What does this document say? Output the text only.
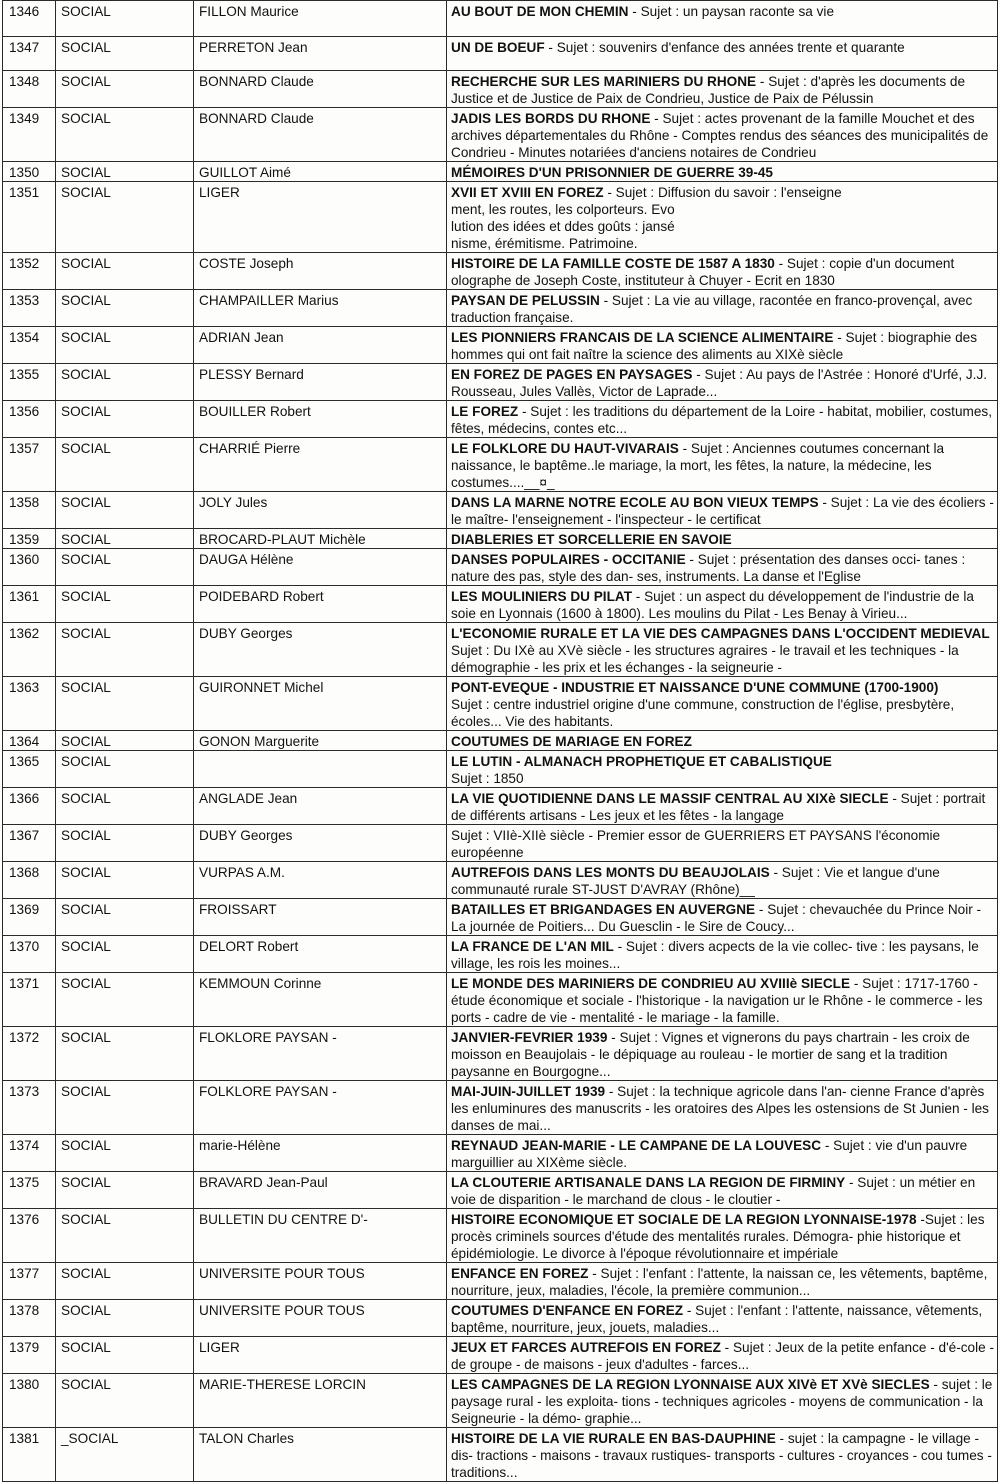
1346	SOCIAL	FILLON Maurice	AU BOUT DE MON CHEMIN - Sujet : un paysan raconte sa vie
1347	SOCIAL	PERRETON Jean	UN DE BOEUF - Sujet : souvenirs d'enfance des années trente et quarante
1348	SOCIAL	BONNARD Claude	RECHERCHE SUR LES MARINIERS DU RHONE - Sujet : d'après les documents de Justice et de Justice de Paix de Condrieu, Justice de Paix de Pélussin
1349	SOCIAL	BONNARD Claude	JADIS LES BORDS DU RHONE - Sujet : actes provenant de la famille Mouchet et des archives départementales du Rhône - Comptes rendus des séances des municipalités de Condrieu - Minutes notariées d'anciens notaires de Condrieu
1350	SOCIAL	GUILLOT Aimé	MÉMOIRES D'UN PRISONNIER DE GUERRE 39-45
1351	SOCIAL	LIGER	XVII ET XVIII EN FOREZ - Sujet : Diffusion du savoir : l'enseigne
ment, les routes, les colporteurs. Evo
lution des idées et ddes goûts : jansé
nisme, érémitisme. Patrimoine.
1352	SOCIAL	COSTE Joseph	HISTOIRE DE LA FAMILLE COSTE DE 1587 A 1830 - Sujet : copie d'un document olographe de Joseph Coste, instituteur à Chuyer - Ecrit en 1830
1353	SOCIAL	CHAMPAILLER Marius	PAYSAN DE PELUSSIN - Sujet : La vie au village, racontée en franco-provençal, avec traduction française.
1354	SOCIAL	ADRIAN Jean	LES PIONNIERS FRANCAIS DE LA SCIENCE ALIMENTAIRE - Sujet : biographie des hommes qui ont fait naître la science des aliments au XIXè siècle
1355	SOCIAL	PLESSY Bernard	EN FOREZ DE PAGES EN PAYSAGES - Sujet : Au pays de l'Astrée : Honoré d'Urfé, J.J. Rousseau, Jules Vallès, Victor de Laprade...
1356	SOCIAL	BOUILLER Robert	LE FOREZ - Sujet : les traditions du département de la Loire - habitat, mobilier, costumes, fêtes, médecins, contes etc...
1357	SOCIAL	CHARRIÉ Pierre	LE FOLKLORE DU HAUT-VIVARAIS - Sujet : Anciennes coutumes concernant la naissance, le baptême..le mariage, la mort, les fêtes, la nature, la médecine, les costumes....__¤_
1358	SOCIAL	JOLY Jules	DANS LA MARNE NOTRE ECOLE AU BON VIEUX TEMPS - Sujet : La vie des écoliers - le maître- l'enseignement - l'inspecteur - le certificat
1359	SOCIAL	BROCARD-PLAUT Michèle	DIABLERIES ET SORCELLERIE EN SAVOIE
1360	SOCIAL	DAUGA Hélène	DANSES POPULAIRES - OCCITANIE - Sujet : présentation des danses occi- tanes : nature des pas, style des dan- ses, instruments. La danse et l'Eglise
1361	SOCIAL	POIDEBARD Robert	LES MOULINIERS DU PILAT - Sujet : un aspect du développement de l'industrie de la soie en Lyonnais (1600 à 1800). Les moulins du Pilat - Les Benay à Virieu...
1362	SOCIAL	DUBY Georges	L'ECONOMIE RURALE ET LA VIE DES CAMPAGNES DANS L'OCCIDENT MEDIEVAL Sujet : Du IXè au XVè siècle - les structures agraires - le travail et les techniques - la démographie - les prix et les échanges - la seigneurie -
1363	SOCIAL	GUIRONNET Michel	PONT-EVEQUE - INDUSTRIE ET NAISSANCE D'UNE COMMUNE (1700-1900)
Sujet : centre industriel origine d'une commune, construction de l'église, presbytère, écoles... Vie des habitants.
1364	SOCIAL	GONON Marguerite	COUTUMES DE MARIAGE EN FOREZ
1365	SOCIAL		LE LUTIN - ALMANACH PROPHETIQUE ET CABALISTIQUE
Sujet : 1850
1366	SOCIAL	ANGLADE Jean	LA VIE QUOTIDIENNE DANS LE MASSIF CENTRAL AU XIXè SIECLE - Sujet : portrait de différents artisans - Les jeux et les fêtes - la langage
1367	SOCIAL	DUBY Georges	Sujet : VIIè-XIIè siècle - Premier essor de GUERRIERS ET PAYSANS l'économie européenne
1368	SOCIAL	VURPAS A.M.	AUTREFOIS DANS LES MONTS DU BEAUJOLAIS - Sujet : Vie et langue d'une communauté rurale ST-JUST D'AVRAY (Rhône)__
1369	SOCIAL	FROISSART	BATAILLES ET BRIGANDAGES EN AUVERGNE - Sujet : chevauchée du Prince Noir - La journée de Poitiers... Du Guesclin - le Sire de Coucy...
1370	SOCIAL	DELORT Robert	LA FRANCE DE L'AN MIL - Sujet : divers acpects de la vie collec- tive : les paysans, le village, les rois les moines...
1371	SOCIAL	KEMMOUN Corinne	LE MONDE DES MARINIERS DE CONDRIEU AU XVIIIè SIECLE - Sujet : 1717-1760 - étude économique et sociale - l'historique - la navigation ur le Rhône - le commerce - les ports - cadre de vie - mentalité - le mariage - la famille.
1372	SOCIAL	FLOKLORE PAYSAN -	JANVIER-FEVRIER 1939 - Sujet : Vignes et vignerons du pays chartrain - les croix de moisson en Beaujolais - le dépiquage au rouleau - le mortier de sang et la tradition paysanne en Bourgogne...
1373	SOCIAL	FOLKLORE PAYSAN -	MAI-JUIN-JUILLET 1939 - Sujet : la technique agricole dans l'an- cienne France d'après les enluminures des manuscrits - les oratoires des Alpes les ostensions de St Junien - les danses de mai...
1374	SOCIAL	marie-Hélène	REYNAUD JEAN-MARIE - LE CAMPANE DE LA LOUVESC - Sujet : vie d'un pauvre marguillier au XIXème siècle.
1375	SOCIAL	BRAVARD Jean-Paul	LA CLOUTERIE ARTISANALE DANS LA REGION DE FIRMINY - Sujet : un métier en voie de disparition - le marchand de clous - le cloutier -
1376	SOCIAL	BULLETIN DU CENTRE D'-	HISTOIRE ECONOMIQUE ET SOCIALE DE LA REGION LYONNAISE-1978 -Sujet : les procès criminels sources d'étude des mentalités rurales. Démogra- phie historique et épidémiologie. Le divorce à l'époque révolutionnaire et impériale
1377	SOCIAL	UNIVERSITE POUR TOUS	ENFANCE EN FOREZ - Sujet : l'enfant : l'attente, la naissan ce, les vêtements, baptême, nourriture, jeux, maladies, l'école, la première communion...
1378	SOCIAL	UNIVERSITE POUR TOUS	COUTUMES D'ENFANCE EN FOREZ - Sujet : l'enfant : l'attente, naissance, vêtements, baptême, nourriture, jeux, jouets, maladies...
1379	SOCIAL	LIGER	JEUX ET FARCES AUTREFOIS EN FOREZ - Sujet : Jeux de la petite enfance - d'é-cole - de groupe - de maisons - jeux d'adultes - farces...
1380	SOCIAL	MARIE-THERESE LORCIN	LES CAMPAGNES DE LA REGION LYONNAISE AUX XIVè ET XVè SIECLES - sujet : le paysage rural - les exploita- tions - techniques agricoles - moyens de communication - la Seigneurie - la démo- graphie...
1381	_SOCIAL	TALON Charles	HISTOIRE DE LA VIE RURALE EN BAS-DAUPHINE - sujet : la campagne - le village - dis- tractions - maisons - travaux rustiques- transports - cultures - croyances - cou tumes - traditions...
